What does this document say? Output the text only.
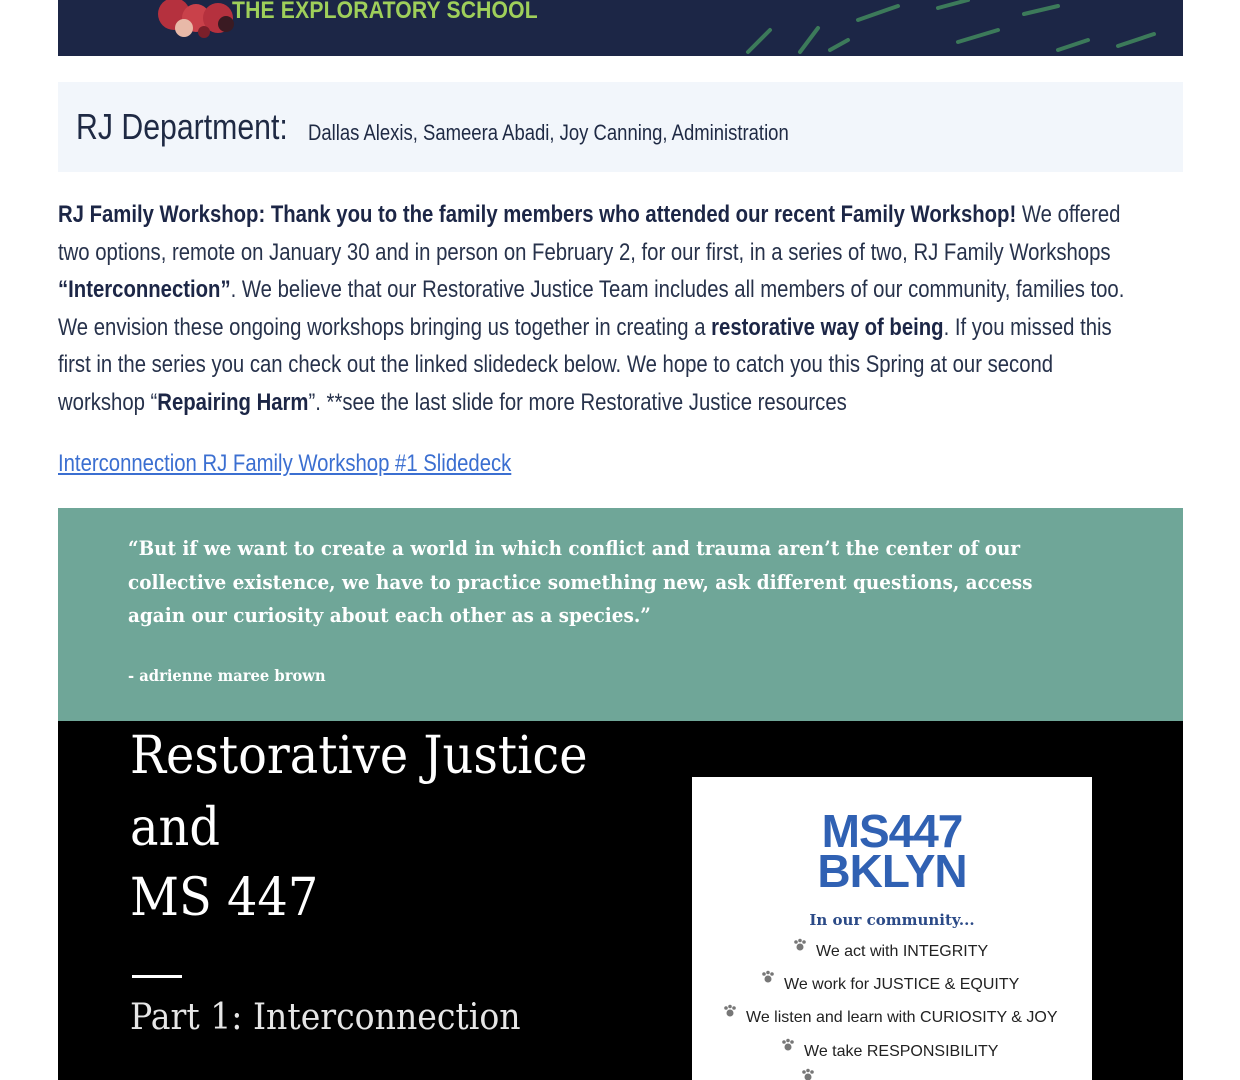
THE EXPLORATORY SCHOOL
RJ Department: Dallas Alexis, Sameera Abadi, Joy Canning, Administration
RJ Family Workshop: Thank you to the family members who attended our recent Family Workshop! We offered
two options, remote on January 30 and in person on February 2, for our first, in a series of two, RJ Family Workshops
“Interconnection”. We believe that our Restorative Justice Team includes all members of our community, families too.
We envision these ongoing workshops bringing us together in creating a restorative way of being. If you missed this
first in the series you can check out the linked slidedeck below. We hope to catch you this Spring at our second
workshop “Repairing Harm”. **see the last slide for more Restorative Justice resources
Interconnection RJ Family Workshop #1 Slidedeck
“But if we want to create a world in which conflict and trauma aren’t the center of our
collective existence, we have to practice something new, ask different questions, access
again our curiosity about each other as a species.”
- adrienne maree brown
Restorative Justice
and
MS 447
Part 1: Interconnection
MS447
BKLYN
In our community...
We act with INTEGRITY
We work for JUSTICE & EQUITY
We listen and learn with CURIOSITY & JOY
We take RESPONSIBILITY
